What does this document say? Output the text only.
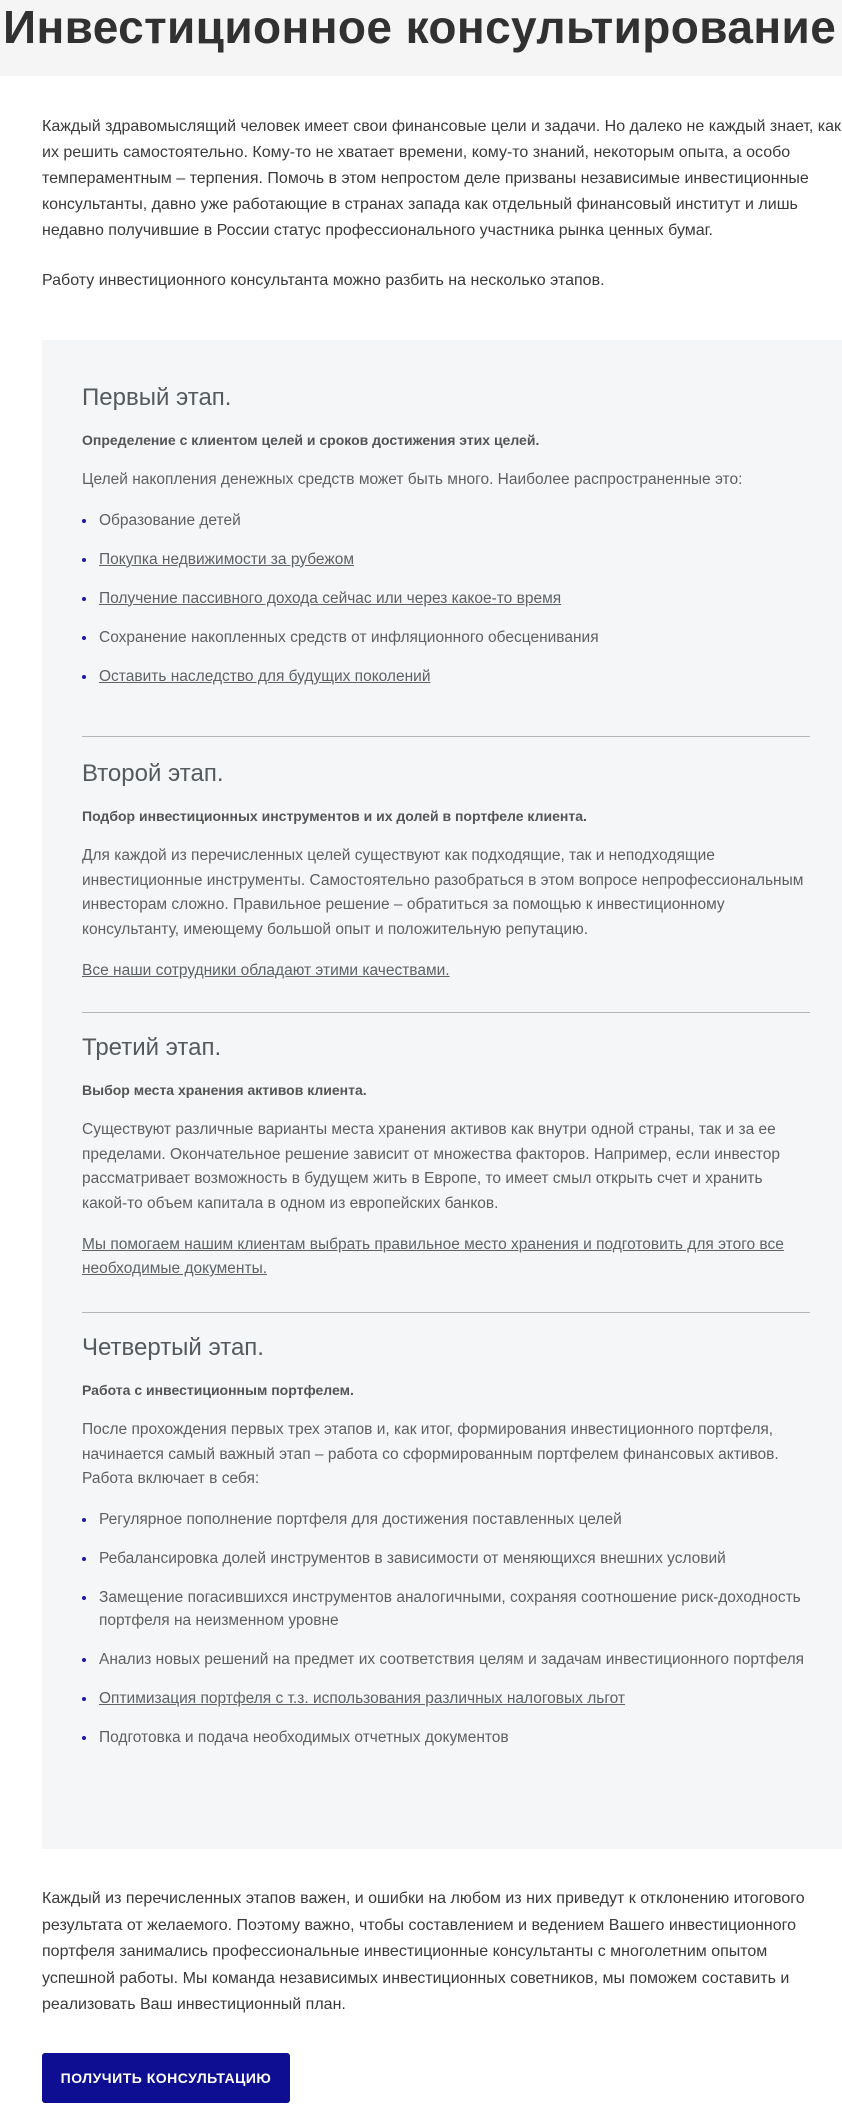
Инвестиционное консультирование

Каждый здравомыслящий человек имеет свои финансовые цели и задачи. Но далеко не каждый знает, как их решить самостоятельно. Кому-то не хватает времени, кому-то знаний, некоторым опыта, а особо темпераментным – терпения. Помочь в этом непростом деле призваны независимые инвестиционные консультанты, давно уже работающие в странах запада как отдельный финансовый институт и лишь недавно получившие в России статус профессионального участника рынка ценных бумаг.

Работу инвестиционного консультанта можно разбить на несколько этапов.

Первый этап.
Определение с клиентом целей и сроков достижения этих целей.

Целей накопления денежных средств может быть много. Наиболее распространенные это:

Образование детей
Покупка недвижимости за рубежом
Получение пассивного дохода сейчас или через какое-то время
Сохранение накопленных средств от инфляционного обесценивания
Оставить наследство для будущих поколений
Второй этап.
Подбор инвестиционных инструментов и их долей в портфеле клиента.

Для каждой из перечисленных целей существуют как подходящие, так и неподходящие инвестиционные инструменты. Самостоятельно разобраться в этом вопросе непрофессиональным инвесторам сложно. Правильное решение – обратиться за помощью к инвестиционному консультанту, имеющему большой опыт и положительную репутацию.

Все наши сотрудники обладают этими качествами.
Третий этап.
Выбор места хранения активов клиента.

Существуют различные варианты места хранения активов как внутри одной страны, так и за ее пределами. Окончательное решение зависит от множества факторов. Например, если инвестор рассматривает возможность в будущем жить в Европе, то имеет смыл открыть счет и хранить какой-то объем капитала в одном из европейских банков.

Мы помогаем нашим клиентам выбрать правильное место хранения и подготовить для этого все необходимые документы.
Четвертый этап.
Работа с инвестиционным портфелем.

После прохождения первых трех этапов и, как итог, формирования инвестиционного портфеля, начинается самый важный этап – работа со сформированным портфелем финансовых активов. Работа включает в себя:

Регулярное пополнение портфеля для достижения поставленных целей
Ребалансировка долей инструментов в зависимости от меняющихся внешних условий
Замещение погасившихся инструментов аналогичными, сохраняя соотношение риск-доходность портфеля на неизменном уровне
Анализ новых решений на предмет их соответствия целям и задачам инвестиционного портфеля
Оптимизация портфеля с т.з. использования различных налоговых льгот
Подготовка и подача необходимых отчетных документов

Каждый из перечисленных этапов важен, и ошибки на любом из них приведут к отклонению итогового результата от желаемого. Поэтому важно, чтобы составлением и ведением Вашего инвестиционного портфеля занимались профессиональные инвестиционные консультанты с многолетним опытом успешной работы. Мы команда независимых инвестиционных советников, мы поможем составить и реализовать Ваш инвестиционный план.

ПОЛУЧИТЬ КОНСУЛЬТАЦИЮ
